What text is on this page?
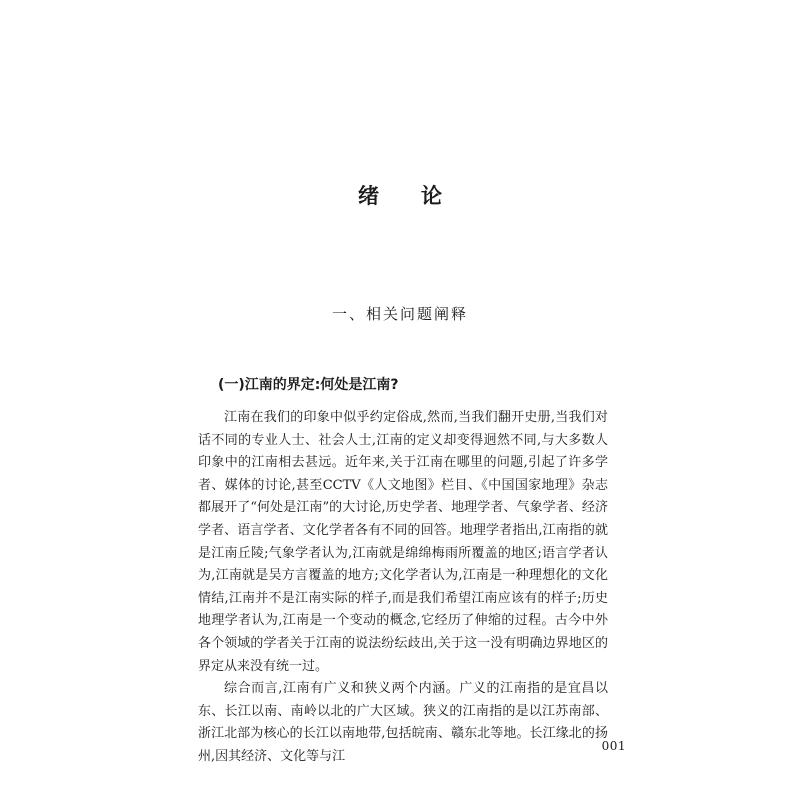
绪 论
一、相关问题阐释
(一)江南的界定:何处是江南?

江南在我们的印象中似乎约定俗成,然而,当我们翻开史册,当我们对话不同的专业人士、社会人士,江南的定义却变得迥然不同,与大多数人印象中的江南相去甚远。近年来,关于江南在哪里的问题,引起了许多学者、媒体的讨论,甚至CCTV《人文地图》栏目、《中国国家地理》杂志都展开了“何处是江南”的大讨论,历史学者、地理学者、气象学者、经济学者、语言学者、文化学者各有不同的回答。地理学者指出,江南指的就是江南丘陵;气象学者认为,江南就是绵绵梅雨所覆盖的地区;语言学者认为,江南就是吴方言覆盖的地方;文化学者认为,江南是一种理想化的文化情结,江南并不是江南实际的样子,而是我们希望江南应该有的样子;历史地理学者认为,江南是一个变动的概念,它经历了伸缩的过程。古今中外各个领域的学者关于江南的说法纷纭歧出,关于这一没有明确边界地区的界定从来没有统一过。

综合而言,江南有广义和狭义两个内涵。广义的江南指的是宜昌以东、长江以南、南岭以北的广大区域。狭义的江南指的是以江苏南部、浙江北部为核心的长江以南地带,包括皖南、赣东北等地。长江缘北的扬州,因其经济、文化等与江

001
